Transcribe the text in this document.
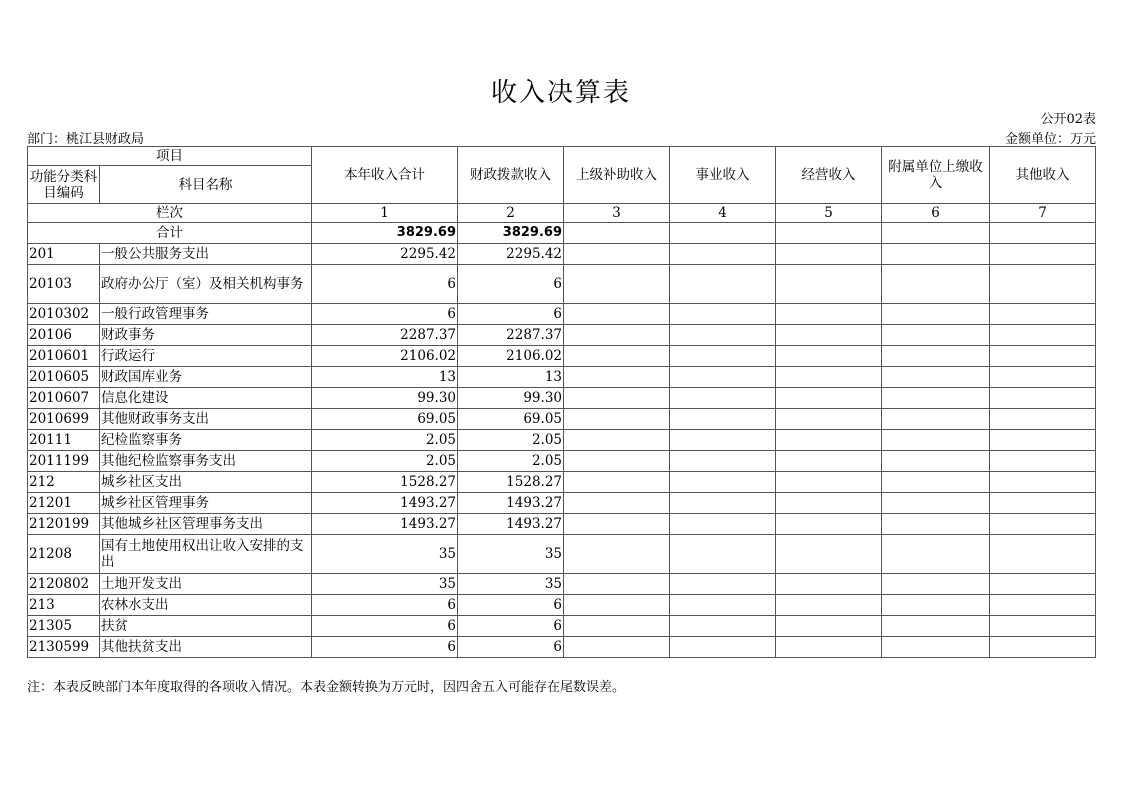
收入决算表
公开02表
部门：桃江县财政局	金额单位：万元
项目		本年收入合计	财政拨款收入	上级补助收入	事业收入	经营收入	附属单位上缴收入	其他收入
功能分类科目编码	科目名称							
栏次		1	2	3	4	5	6	7
合计		3829.69	3829.69					
201	一般公共服务支出	2295.42	2295.42					
20103	政府办公厅（室）及相关机构事务	6	6					
2010302	一般行政管理事务	6	6					
20106	财政事务	2287.37	2287.37					
2010601	行政运行	2106.02	2106.02					
2010605	财政国库业务	13	13					
2010607	信息化建设	99.30	99.30					
2010699	其他财政事务支出	69.05	69.05					
20111	纪检监察事务	2.05	2.05					
2011199	其他纪检监察事务支出	2.05	2.05					
212	城乡社区支出	1528.27	1528.27					
21201	城乡社区管理事务	1493.27	1493.27					
2120199	其他城乡社区管理事务支出	1493.27	1493.27					
21208	国有土地使用权出让收入安排的支出	35	35					
2120802	土地开发支出	35	35					
213	农林水支出	6	6					
21305	扶贫	6	6					
2130599	其他扶贫支出	6	6					
注：本表反映部门本年度取得的各项收入情况。本表金额转换为万元时，因四舍五入可能存在尾数误差。
